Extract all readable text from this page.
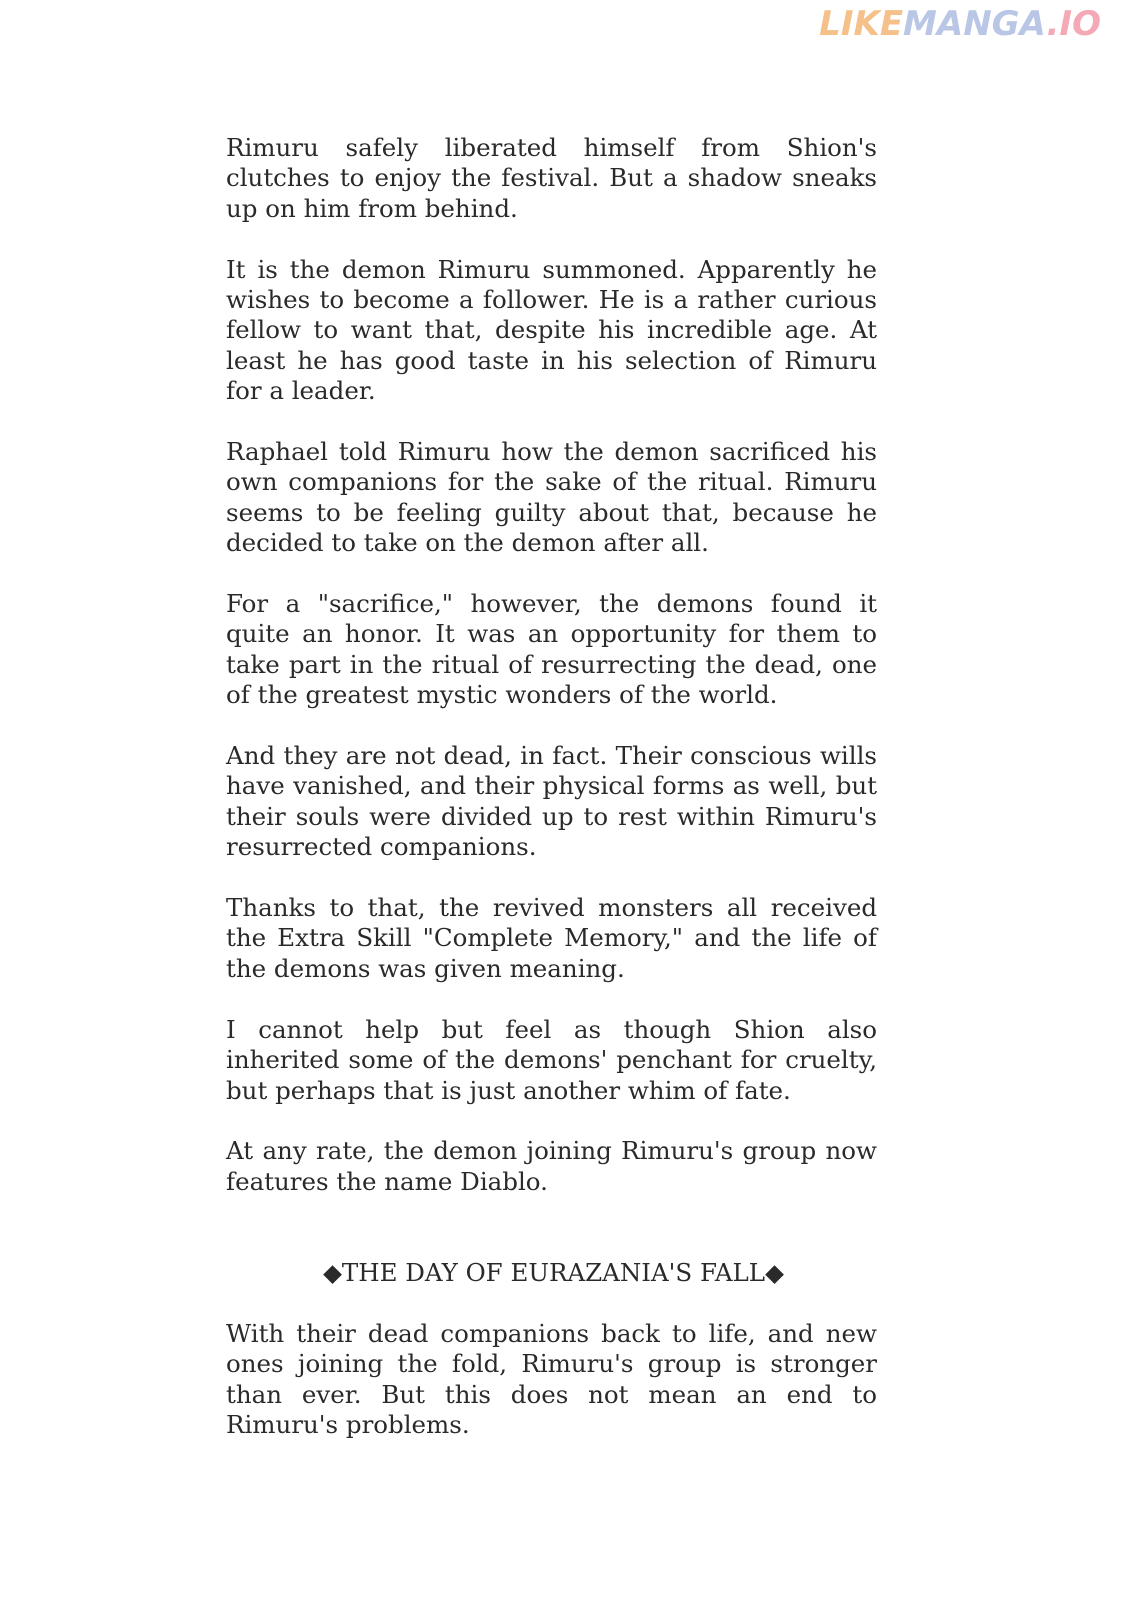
LIKEMANGA.IO

Rimuru safely liberated himself from Shion's clutches to enjoy the festival. But a shadow sneaks up on him from behind.

It is the demon Rimuru summoned. Apparently he wishes to become a follower. He is a rather curious fellow to want that, despite his incredible age. At least he has good taste in his selection of Rimuru for a leader.

Raphael told Rimuru how the demon sacrificed his own companions for the sake of the ritual. Rimuru seems to be feeling guilty about that, because he decided to take on the demon after all.

For a "sacrifice," however, the demons found it quite an honor. It was an opportunity for them to take part in the ritual of resurrecting the dead, one of the greatest mystic wonders of the world.

And they are not dead, in fact. Their conscious wills have vanished, and their physical forms as well, but their souls were divided up to rest within Rimuru's resurrected companions.

Thanks to that, the revived monsters all received the Extra Skill "Complete Memory," and the life of the demons was given meaning.

I cannot help but feel as though Shion also inherited some of the demons' penchant for cruelty, but perhaps that is just another whim of fate.

At any rate, the demon joining Rimuru's group now features the name Diablo.

◆THE DAY OF EURAZANIA'S FALL◆

With their dead companions back to life, and new ones joining the fold, Rimuru's group is stronger than ever. But this does not mean an end to Rimuru's problems.
